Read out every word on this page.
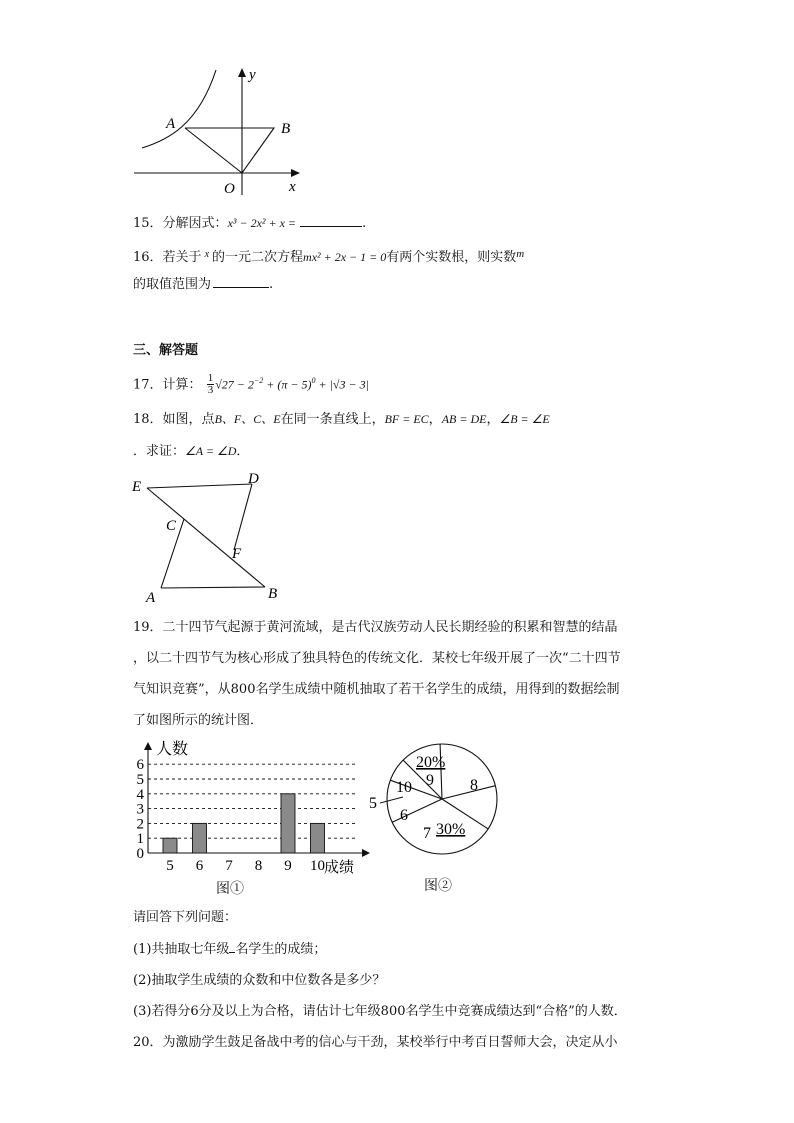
y
x
O
A	B
15．分解因式：x³ − 2x² + x =	.
16．若关于 $^x$ 的一元二次方程mx² + 2x − 1 = 0有两个实数根，则实数$^m$
的取值范围为	.
三、解答题
17．计算： $\frac{1}{3} √27 - 2^{-2} + (\pi - 5)^0 + |√3 - 3|$
18．如图，点B、F、C、E在同一条直线上，BF = EC，AB = DE，∠B = ∠E
．求证：∠A = ∠D．
E	D
C
F
A	B
19．二十四节气起源于黄河流域，是古代汉族劳动人民长期经验的积累和智慧的结晶
，以二十四节气为核心形成了独具特色的传统文化．某校七年级开展了一次“二十四节
气知识竞赛”，从800名学生成绩中随机抽取了若干名学生的成绩，用得到的数据绘制
了如图所示的统计图．
0
1
2
3
4
5
6
人数
5 6 7 8 9 10 成绩
图①
5
6
7
8
9
10
20%
30%
图②
请回答下列问题：
(1)共抽取七年级 名学生的成绩；
(2)抽取学生成绩的众数和中位数各是多少？
(3)若得分6分及以上为合格，请估计七年级800名学生中竞赛成绩达到“合格”的人数．
20．为激励学生鼓足备战中考的信心与干劲，某校举行中考百日誓师大会，决定从小
